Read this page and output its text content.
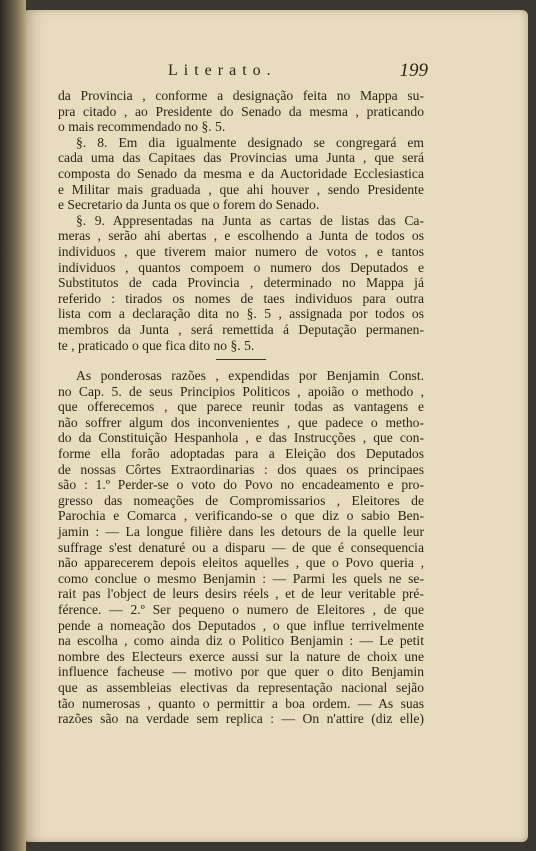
Literato.	199
da Provincia , conforme a designação feita no Mappa su-
pra citado , ao Presidente do Senado da mesma , praticando
o mais recommendado no §. 5.
§. 8. Em dia igualmente designado se congregará em
cada uma das Capitaes das Provincias uma Junta , que será
composta do Senado da mesma e da Auctoridade Ecclesiastica
e Militar mais graduada , que ahi houver , sendo Presidente
e Secretario da Junta os que o forem do Senado.
§. 9. Appresentadas na Junta as cartas de listas das Ca-
meras , serão ahi abertas , e escolhendo a Junta de todos os
individuos , que tiverem maior numero de votos , e tantos
individuos , quantos compoem o numero dos Deputados e
Substitutos de cada Provincia , determinado no Mappa já
referido : tirados os nomes de taes individuos para outra
lista com a declaração dita no §. 5 , assignada por todos os
membros da Junta , será remettida á Deputação permanen-
te , praticado o que fica dito no §. 5.
As ponderosas razões , expendidas por Benjamin Const.
no Cap. 5. de seus Principios Politicos , apoião o methodo ,
que offerecemos , que parece reunir todas as vantagens e
não soffrer algum dos inconvenientes , que padece o metho-
do da Constituição Hespanhola , e das Instrucções , que con-
forme ella forão adoptadas para a Eleição dos Deputados
de nossas Côrtes Extraordinarias : dos quaes os principaes
são : 1.º Perder-se o voto do Povo no encadeamento e pro-
gresso das nomeações de Compromissarios , Eleitores de
Parochia e Comarca , verificando-se o que diz o sabio Ben-
jamin : — La longue filière dans les detours de la quelle leur
suffrage s'est denaturé ou a disparu — de que é consequencia
não apparecerem depois eleitos aquelles , que o Povo queria ,
como conclue o mesmo Benjamin : — Parmi les quels ne se-
rait pas l'object de leurs desirs réels , et de leur veritable pré-
férence. — 2.º Ser pequeno o numero de Eleitores , de que
pende a nomeação dos Deputados , o que influe terrivelmente
na escolha , como ainda diz o Politico Benjamin : — Le petit
nombre des Electeurs exerce aussi sur la nature de choix une
influence facheuse — motivo por que quer o dito Benjamin
que as assembleias electivas da representação nacional sejão
tão numerosas , quanto o permittir a boa ordem. — As suas
razões são na verdade sem replica : — On n'attire (diz elle)
